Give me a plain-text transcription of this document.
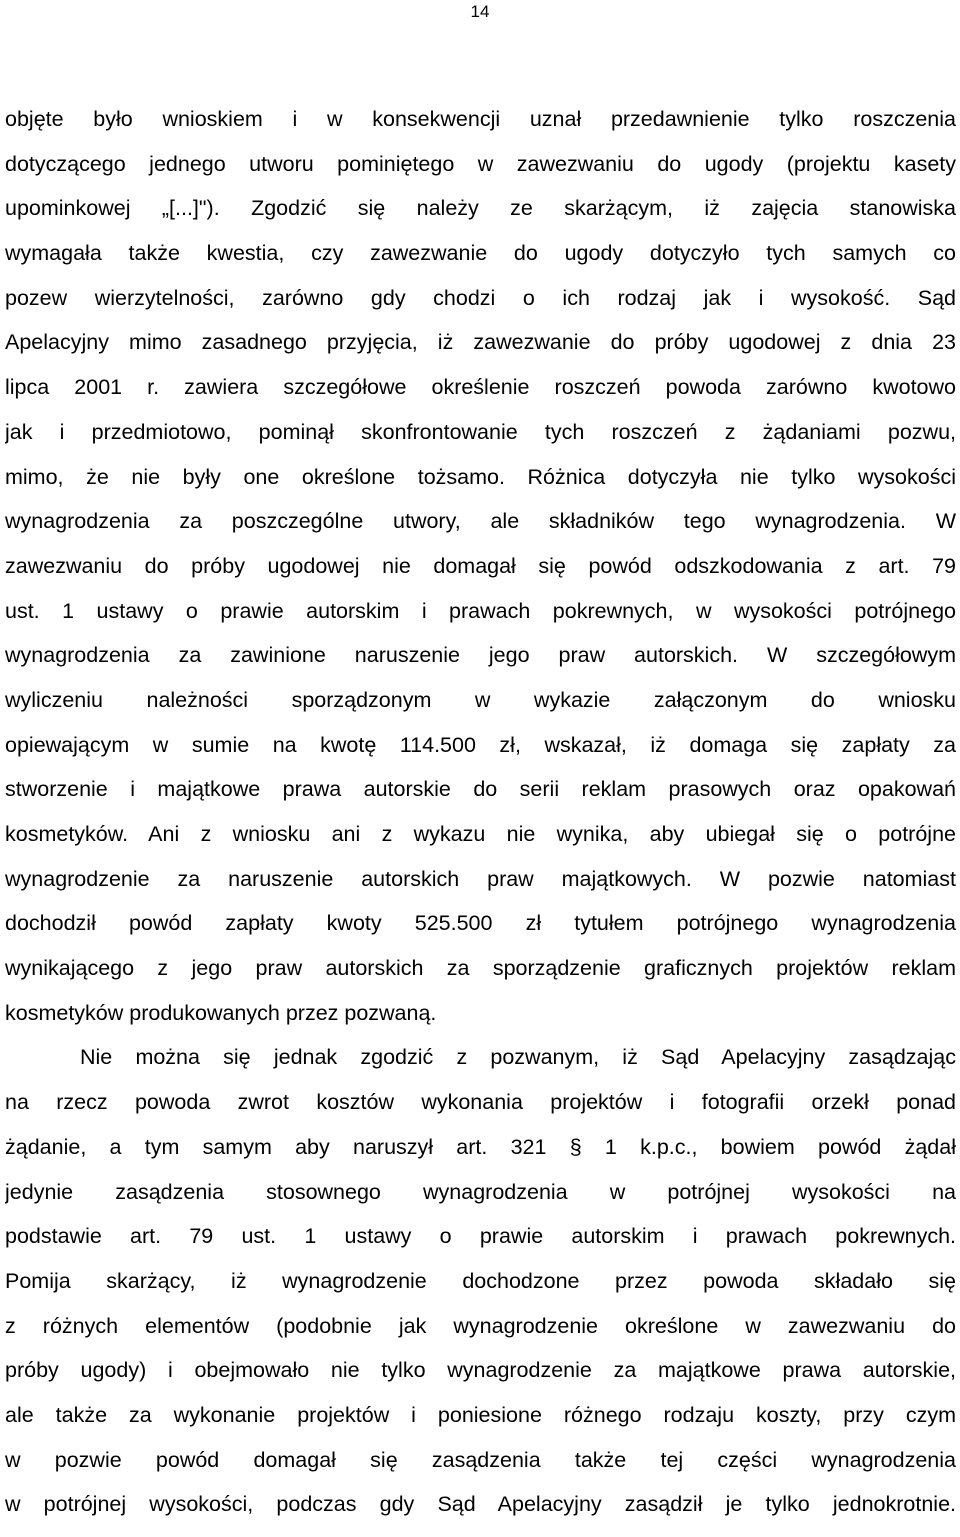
14
objęte było wnioskiem i w konsekwencji uznał przedawnienie tylko roszczenia
dotyczącego jednego utworu pominiętego w zawezwaniu do ugody (projektu kasety
upominkowej „[...]"). Zgodzić się należy ze skarżącym, iż zajęcia stanowiska
wymagała także kwestia, czy zawezwanie do ugody dotyczyło tych samych co
pozew wierzytelności, zarówno gdy chodzi o ich rodzaj jak i wysokość. Sąd
Apelacyjny mimo zasadnego przyjęcia, iż zawezwanie do próby ugodowej z dnia 23
lipca 2001 r. zawiera szczegółowe określenie roszczeń powoda zarówno kwotowo
jak i przedmiotowo, pominął skonfrontowanie tych roszczeń z żądaniami pozwu,
mimo, że nie były one określone tożsamo. Różnica dotyczyła nie tylko wysokości
wynagrodzenia za poszczególne utwory, ale składników tego wynagrodzenia. W
zawezwaniu do próby ugodowej nie domagał się powód odszkodowania z art. 79
ust. 1 ustawy o prawie autorskim i prawach pokrewnych, w wysokości potrójnego
wynagrodzenia za zawinione naruszenie jego praw autorskich. W szczegółowym
wyliczeniu należności sporządzonym w wykazie załączonym do wniosku
opiewającym w sumie na kwotę 114.500 zł, wskazał, iż domaga się zapłaty za
stworzenie i majątkowe prawa autorskie do serii reklam prasowych oraz opakowań
kosmetyków. Ani z wniosku ani z wykazu nie wynika, aby ubiegał się o potrójne
wynagrodzenie za naruszenie autorskich praw majątkowych. W pozwie natomiast
dochodził powód zapłaty kwoty 525.500 zł tytułem potrójnego wynagrodzenia
wynikającego z jego praw autorskich za sporządzenie graficznych projektów reklam
kosmetyków produkowanych przez pozwaną.
Nie można się jednak zgodzić z pozwanym, iż Sąd Apelacyjny zasądzając
na rzecz powoda zwrot kosztów wykonania projektów i fotografii orzekł ponad
żądanie, a tym samym aby naruszył art. 321 § 1 k.p.c., bowiem powód żądał
jedynie zasądzenia stosownego wynagrodzenia w potrójnej wysokości na
podstawie art. 79 ust. 1 ustawy o prawie autorskim i prawach pokrewnych.
Pomija skarżący, iż wynagrodzenie dochodzone przez powoda składało się
z różnych elementów (podobnie jak wynagrodzenie określone w zawezwaniu do
próby ugody) i obejmowało nie tylko wynagrodzenie za majątkowe prawa autorskie,
ale także za wykonanie projektów i poniesione różnego rodzaju koszty, przy czym
w pozwie powód domagał się zasądzenia także tej części wynagrodzenia
w potrójnej wysokości, podczas gdy Sąd Apelacyjny zasądził je tylko jednokrotnie.
